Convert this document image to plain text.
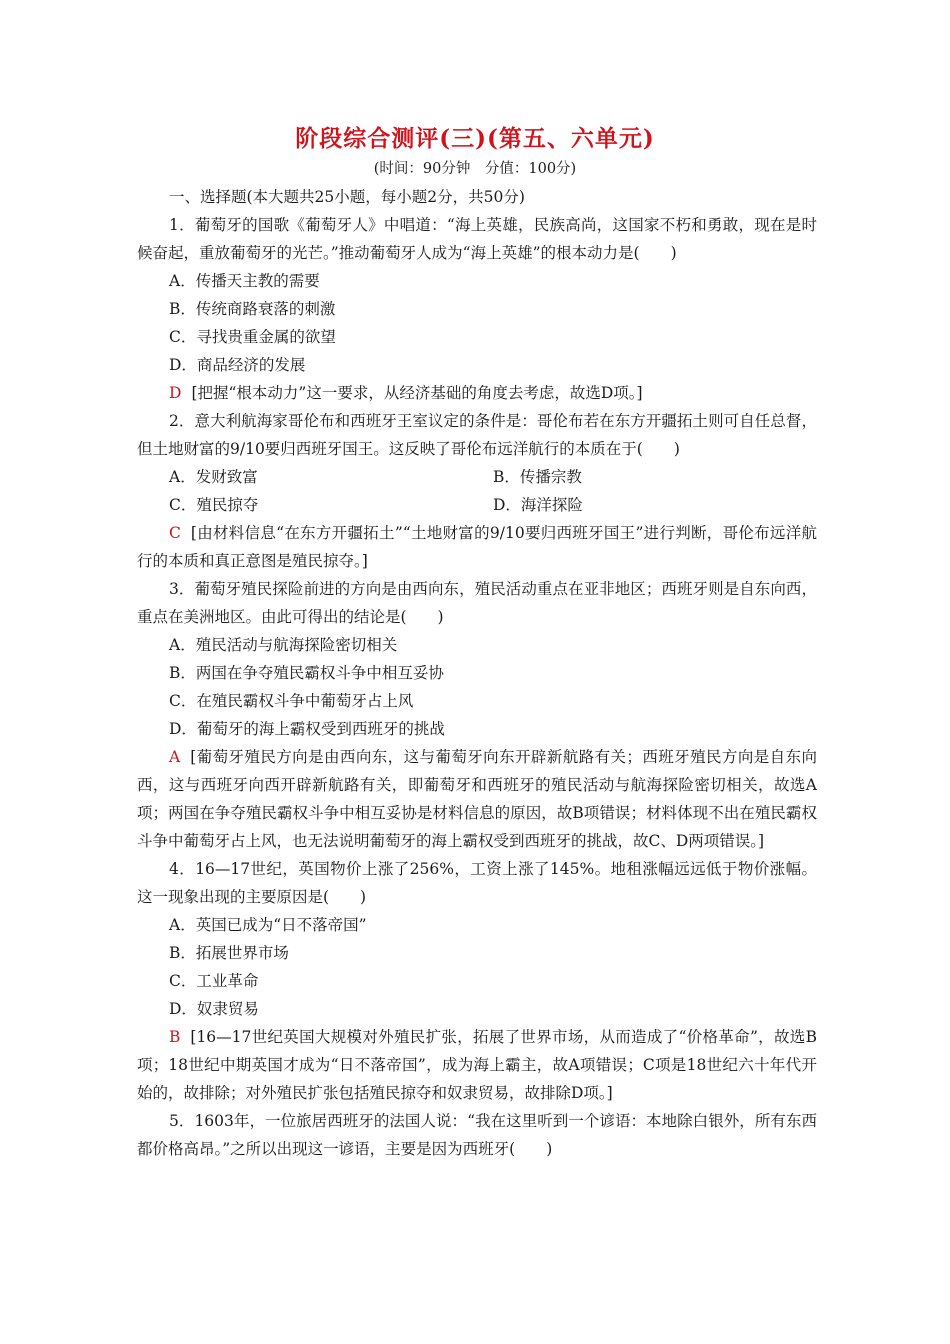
阶段综合测评(三)(第五、六单元)
(时间：90分钟　分值：100分)

一、选择题(本大题共25小题，每小题2分，共50分)

1．葡萄牙的国歌《葡萄牙人》中唱道：“海上英雄，民族高尚，这国家不朽和勇敢，现在是时候奋起，重放葡萄牙的光芒。”推动葡萄牙人成为“海上英雄”的根本动力是(　　)

A．传播天主教的需要

B．传统商路衰落的刺激

C．寻找贵重金属的欲望

D．商品经济的发展

D [把握“根本动力”这一要求，从经济基础的角度去考虑，故选D项。]

2．意大利航海家哥伦布和西班牙王室议定的条件是：哥伦布若在东方开疆拓土则可自任总督，但土地财富的9/10要归西班牙国王。这反映了哥伦布远洋航行的本质在于(　　)

A．发财致富	B．传播宗教
C．殖民掠夺	D．海洋探险

C [由材料信息“在东方开疆拓土”“土地财富的9/10要归西班牙国王”进行判断，哥伦布远洋航行的本质和真正意图是殖民掠夺。]

3．葡萄牙殖民探险前进的方向是由西向东，殖民活动重点在亚非地区；西班牙则是自东向西，重点在美洲地区。由此可得出的结论是(　　)

A．殖民活动与航海探险密切相关

B．两国在争夺殖民霸权斗争中相互妥协

C．在殖民霸权斗争中葡萄牙占上风

D．葡萄牙的海上霸权受到西班牙的挑战

A [葡萄牙殖民方向是由西向东，这与葡萄牙向东开辟新航路有关；西班牙殖民方向是自东向西，这与西班牙向西开辟新航路有关，即葡萄牙和西班牙的殖民活动与航海探险密切相关，故选A项；两国在争夺殖民霸权斗争中相互妥协是材料信息的原因，故B项错误；材料体现不出在殖民霸权斗争中葡萄牙占上风，也无法说明葡萄牙的海上霸权受到西班牙的挑战，故C、D两项错误。]

4．16—17世纪，英国物价上涨了256%，工资上涨了145%。地租涨幅远远低于物价涨幅。这一现象出现的主要原因是(　　)

A．英国已成为“日不落帝国”

B．拓展世界市场

C．工业革命

D．奴隶贸易

B [16—17世纪英国大规模对外殖民扩张，拓展了世界市场，从而造成了“价格革命”，故选B项；18世纪中期英国才成为“日不落帝国”，成为海上霸主，故A项错误；C项是18世纪六十年代开始的，故排除；对外殖民扩张包括殖民掠夺和奴隶贸易，故排除D项。]

5．1603年，一位旅居西班牙的法国人说：“我在这里听到一个谚语：本地除白银外，所有东西都价格高昂。”之所以出现这一谚语，主要是因为西班牙(　　)
